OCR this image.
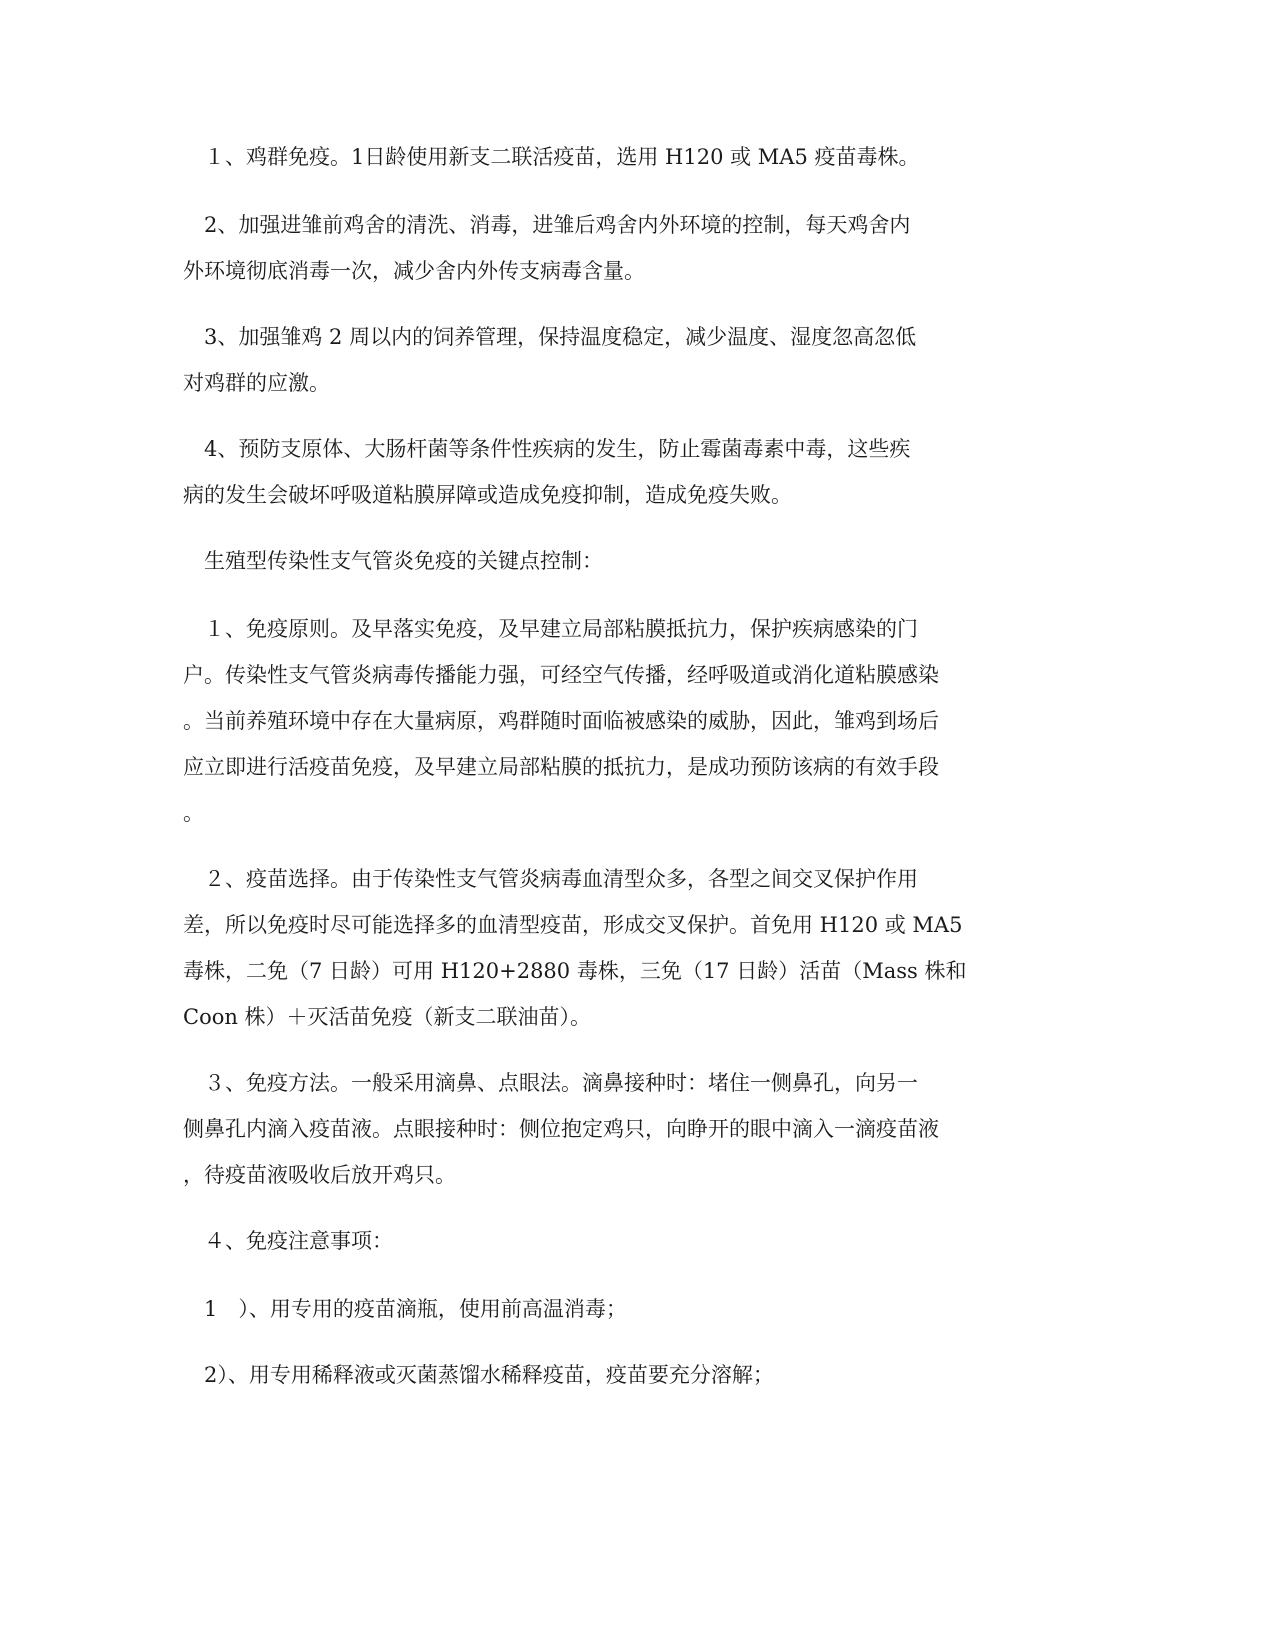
　１、鸡群免疫。1日龄使用新支二联活疫苗，选用 H120 或 MA5 疫苗毒株。

　2、加强进雏前鸡舍的清洗、消毒，进雏后鸡舍内外环境的控制，每天鸡舍内
外环境彻底消毒一次，减少舍内外传支病毒含量。

　3、加强雏鸡 2 周以内的饲养管理，保持温度稳定，减少温度、湿度忽高忽低
对鸡群的应激。

　4、预防支原体、大肠杆菌等条件性疾病的发生，防止霉菌毒素中毒，这些疾
病的发生会破坏呼吸道粘膜屏障或造成免疫抑制，造成免疫失败。

　生殖型传染性支气管炎免疫的关键点控制：

　１、免疫原则。及早落实免疫，及早建立局部粘膜抵抗力，保护疾病感染的门
户。传染性支气管炎病毒传播能力强，可经空气传播，经呼吸道或消化道粘膜感染
。当前养殖环境中存在大量病原，鸡群随时面临被感染的威胁，因此，雏鸡到场后
应立即进行活疫苗免疫，及早建立局部粘膜的抵抗力，是成功预防该病的有效手段
。

　２、疫苗选择。由于传染性支气管炎病毒血清型众多，各型之间交叉保护作用
差，所以免疫时尽可能选择多的血清型疫苗，形成交叉保护。首免用 H120 或 MA5
毒株，二免（7 日龄）可用 H120+2880 毒株，三免（17 日龄）活苗（Mass 株和
Coon 株）＋灭活苗免疫（新支二联油苗）。

　３、免疫方法。一般采用滴鼻、点眼法。滴鼻接种时：堵住一侧鼻孔，向另一
侧鼻孔内滴入疫苗液。点眼接种时：侧位抱定鸡只，向睁开的眼中滴入一滴疫苗液
，待疫苗液吸收后放开鸡只。

　４、免疫注意事项：

　1　）、用专用的疫苗滴瓶，使用前高温消毒；

　2）、用专用稀释液或灭菌蒸馏水稀释疫苗，疫苗要充分溶解；
